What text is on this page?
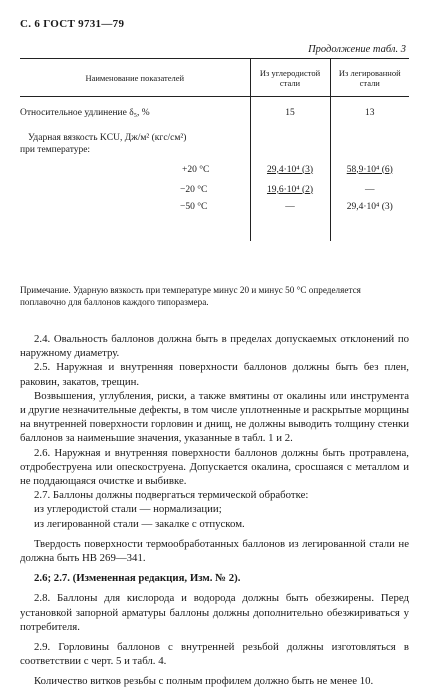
С. 6 ГОСТ 9731—79
Продолжение табл. 3
Наименование показателей	Из углеродистой стали	Из легированной стали

Относительное удлинение δ₅, %	15	13

Ударная вязкость KCU, Дж/м² (кгс/см²)
при температуре:		

+20 °C	29,4·10⁴ (3)	58,9·10⁴ (6)
−20 °C	19,6·10⁴ (2)	—
−50 °C	—	29,4·10⁴ (3)

Примечание. Ударную вязкость при температуре минус 20 и минус 50 °C определяется поплавочно для баллонов каждого типоразмера.

2.4. Овальность баллонов должна быть в пределах допускаемых отклонений по наружному диаметру.

2.5. Наружная и внутренняя поверхности баллонов должны быть без плен, раковин, закатов, трещин.

Возвышения, углубления, риски, а также вмятины от окалины или инструмента и другие незначительные дефекты, в том числе уплотненные и раскрытые морщины на внутренней поверхности горловин и днищ, не должны выводить толщину стенки баллонов за наименьшие значения, указанные в табл. 1 и 2.

2.6. Наружная и внутренняя поверхности баллонов должны быть протравлена, отдробеструена или опескоструена. Допускается окалина, сросшаяся с металлом и не поддающаяся очистке и выбивке.

2.7. Баллоны должны подвергаться термической обработке:

из углеродистой стали — нормализации;

из легированной стали — закалке с отпуском.

Твердость поверхности термообработанных баллонов из легированной стали не должна быть НВ 269—341.

2.6; 2.7. (Измененная редакция, Изм. № 2).

2.8. Баллоны для кислорода и водорода должны быть обезжирены. Перед установкой запорной арматуры баллоны должны дополнительно обезжириваться у потребителя.

2.9. Горловины баллонов с внутренней резьбой должны изготовляться в соответствии с черт. 5 и табл. 4.

Количество витков резьбы с полным профилем должно быть не менее 10.
